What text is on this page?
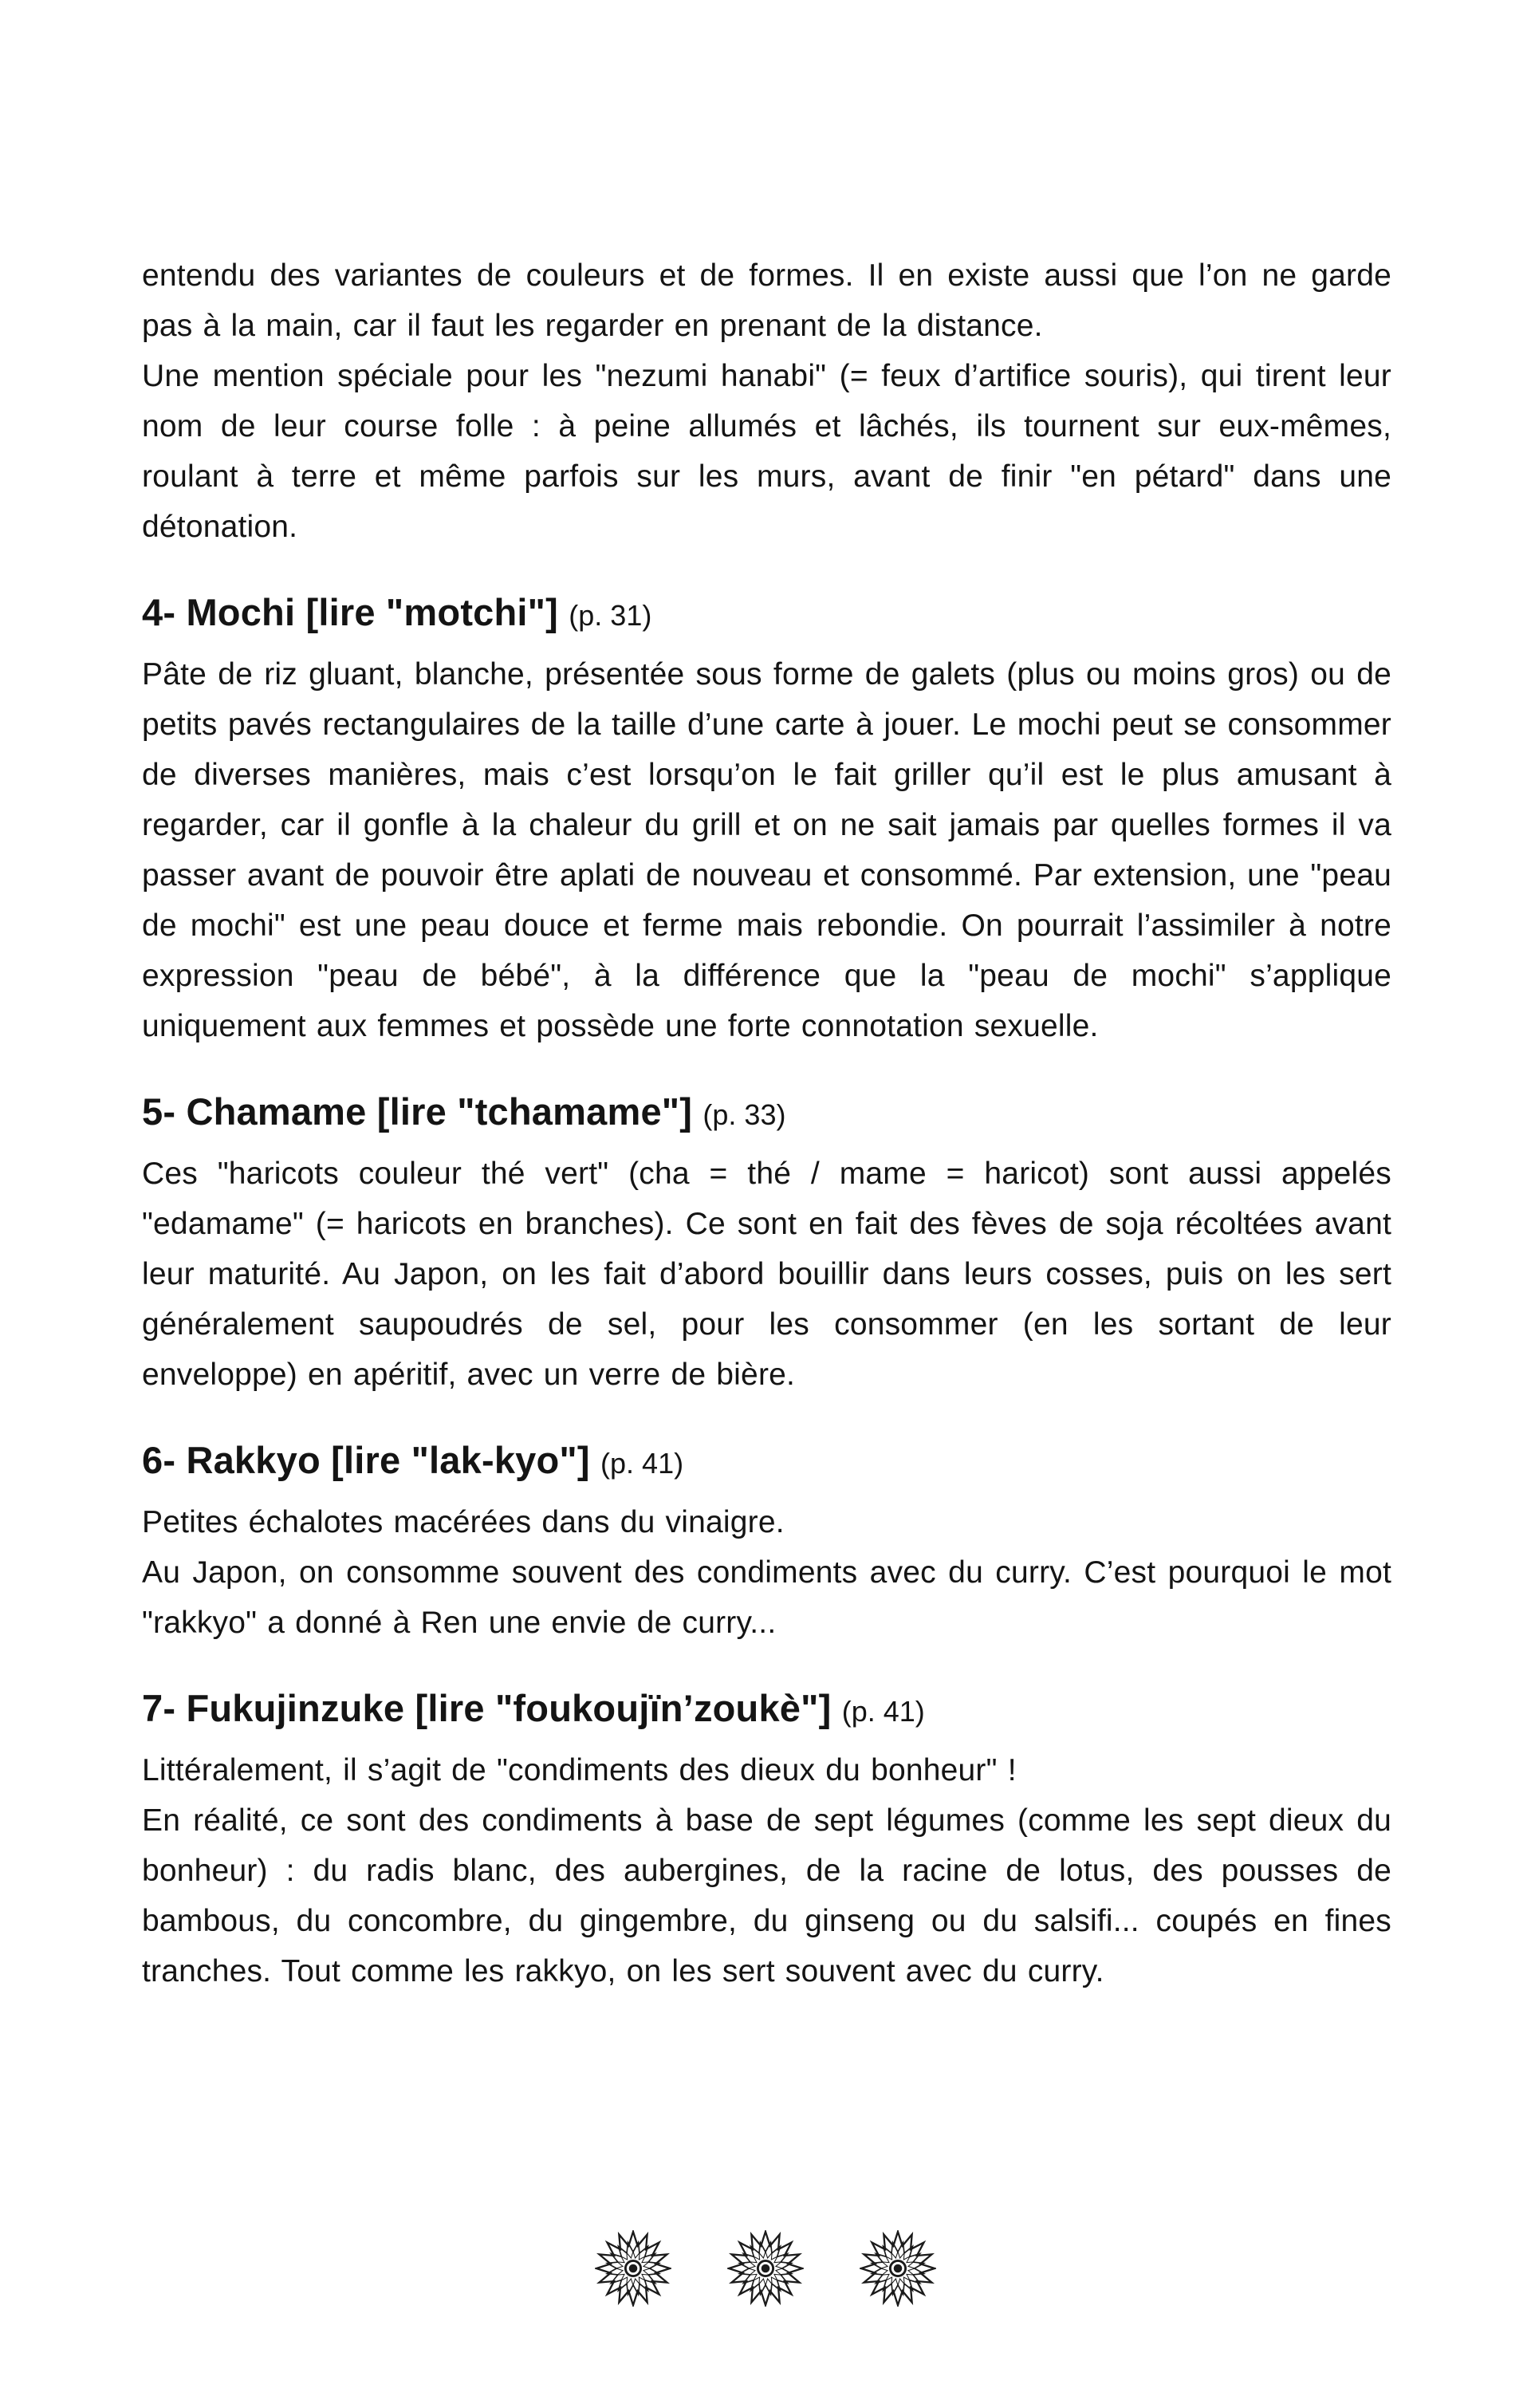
entendu des variantes de couleurs et de formes. Il en existe aussi que l’on ne garde pas à la main, car il faut les regarder en prenant de la distance.

Une mention spéciale pour les "nezumi hanabi" (= feux d’artifice souris), qui tirent leur nom de leur course folle : à peine allumés et lâchés, ils tournent sur eux-mêmes, roulant à terre et même parfois sur les murs, avant de finir "en pétard" dans une détonation.

4- Mochi [lire "motchi"] (p. 31)

Pâte de riz gluant, blanche, présentée sous forme de galets (plus ou moins gros) ou de petits pavés rectangulaires de la taille d’une carte à jouer. Le mochi peut se consommer de diverses manières, mais c’est lorsqu’on le fait griller qu’il est le plus amusant à regarder, car il gonfle à la chaleur du grill et on ne sait jamais par quelles formes il va passer avant de pouvoir être aplati de nouveau et consommé. Par extension, une "peau de mochi" est une peau douce et ferme mais rebondie. On pourrait l’assimiler à notre expression "peau de bébé", à la différence que la "peau de mochi" s’applique uniquement aux femmes et possède une forte connotation sexuelle.

5- Chamame [lire "tchamame"] (p. 33)

Ces "haricots couleur thé vert" (cha = thé / mame = haricot) sont aussi appelés "edamame" (= haricots en branches). Ce sont en fait des fèves de soja récoltées avant leur maturité. Au Japon, on les fait d’abord bouillir dans leurs cosses, puis on les sert généralement saupoudrés de sel, pour les consommer (en les sortant de leur enveloppe) en apéritif, avec un verre de bière.

6- Rakkyo [lire "lak-kyo"] (p. 41)

Petites échalotes macérées dans du vinaigre.

Au Japon, on consomme souvent des condiments avec du curry. C’est pourquoi le mot "rakkyo" a donné à Ren une envie de curry...

7- Fukujinzuke [lire "foukoujïn’zoukè"] (p. 41)

Littéralement, il s’agit de "condiments des dieux du bonheur" !

En réalité, ce sont des condiments à base de sept légumes (comme les sept dieux du bonheur) : du radis blanc, des aubergines, de la racine de lotus, des pousses de bambous, du concombre, du gingembre, du ginseng ou du salsifi... coupés en fines tranches. Tout comme les rakkyo, on les sert souvent avec du curry.
